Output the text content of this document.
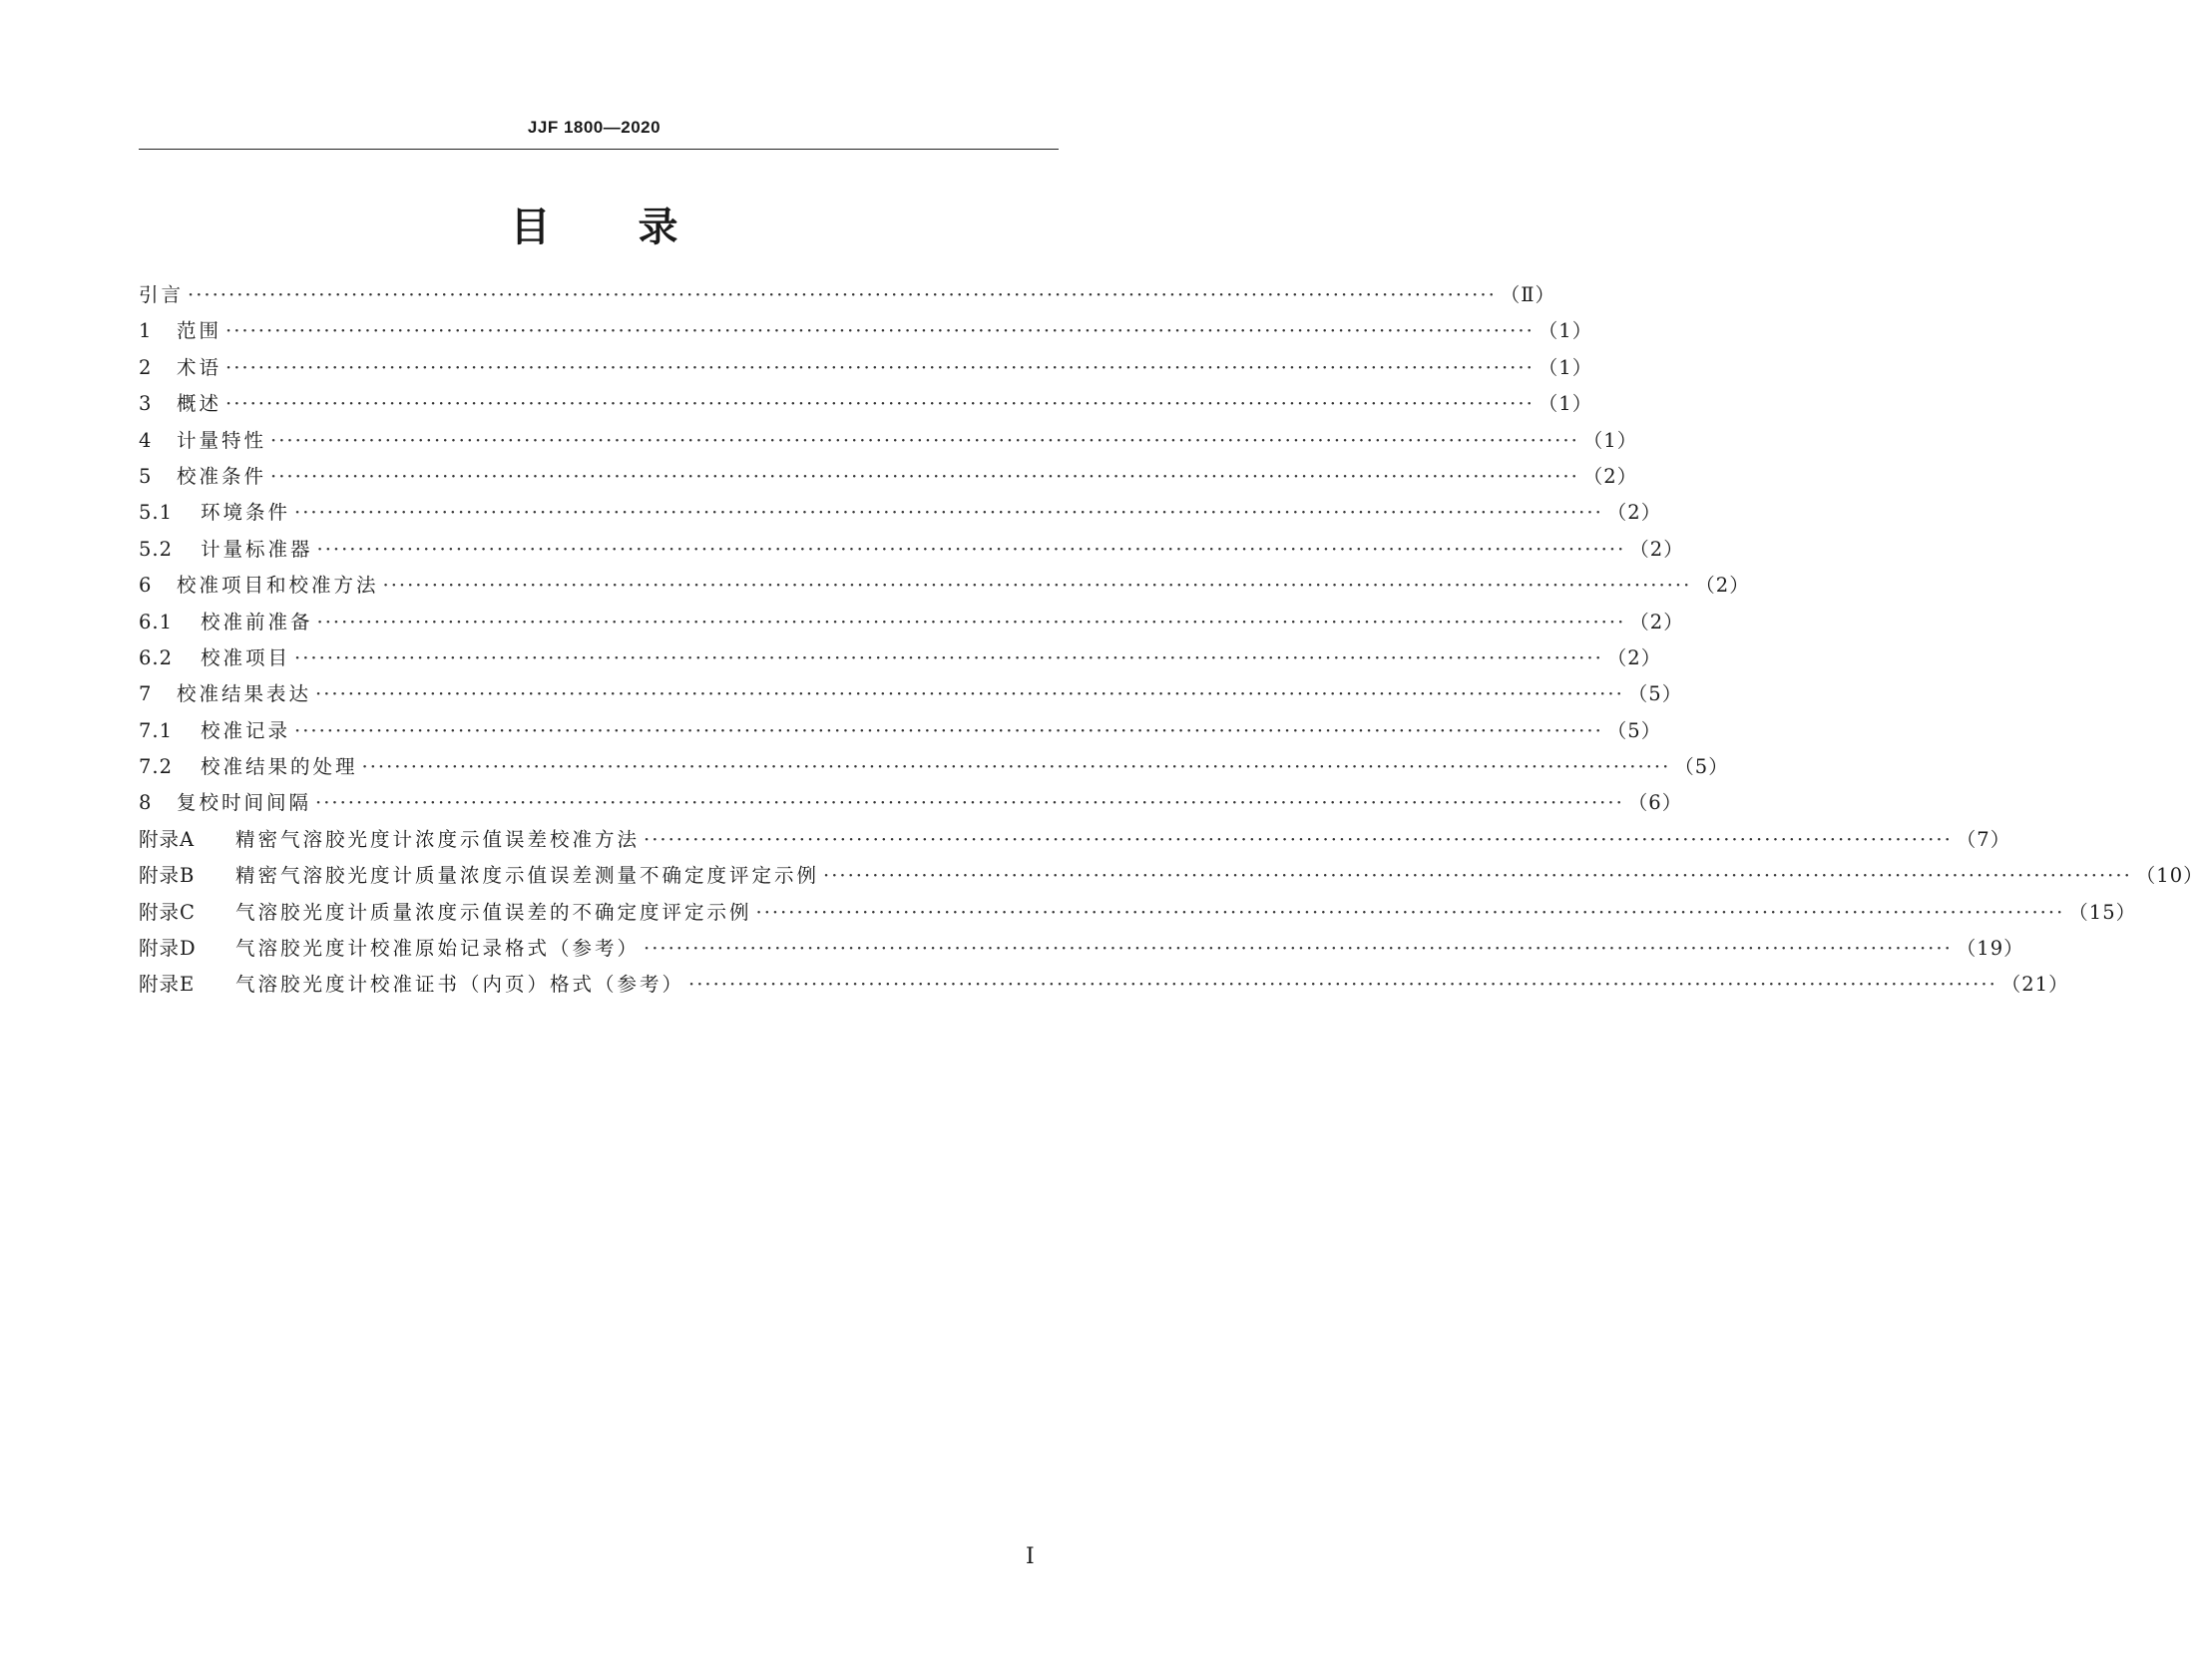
JJF 1800—2020
目 录
引言 ································································································································································ （Ⅱ）
1	范围 ································································································································································ （1）
2	术语 ································································································································································ （1）
3	概述 ································································································································································ （1）
4	计量特性 ································································································································································ （1）
5	校准条件 ································································································································································ （2）
5.1	环境条件 ································································································································································ （2）
5.2	计量标准器 ································································································································································ （2）
6	校准项目和校准方法 ································································································································································ （2）
6.1	校准前准备 ································································································································································ （2）
6.2	校准项目 ································································································································································ （2）
7	校准结果表达 ································································································································································ （5）
7.1	校准记录 ································································································································································ （5）
7.2	校准结果的处理 ································································································································································ （5）
8	复校时间间隔 ································································································································································ （6）
附录A	精密气溶胶光度计浓度示值误差校准方法 ································································································································································ （7）
附录B	精密气溶胶光度计质量浓度示值误差测量不确定度评定示例 ································································································································································ （10）
附录C	气溶胶光度计质量浓度示值误差的不确定度评定示例 ································································································································································ （15）
附录D	气溶胶光度计校准原始记录格式（参考） ································································································································································ （19）
附录E	气溶胶光度计校准证书（内页）格式（参考） ································································································································································ （21）
Ⅰ
